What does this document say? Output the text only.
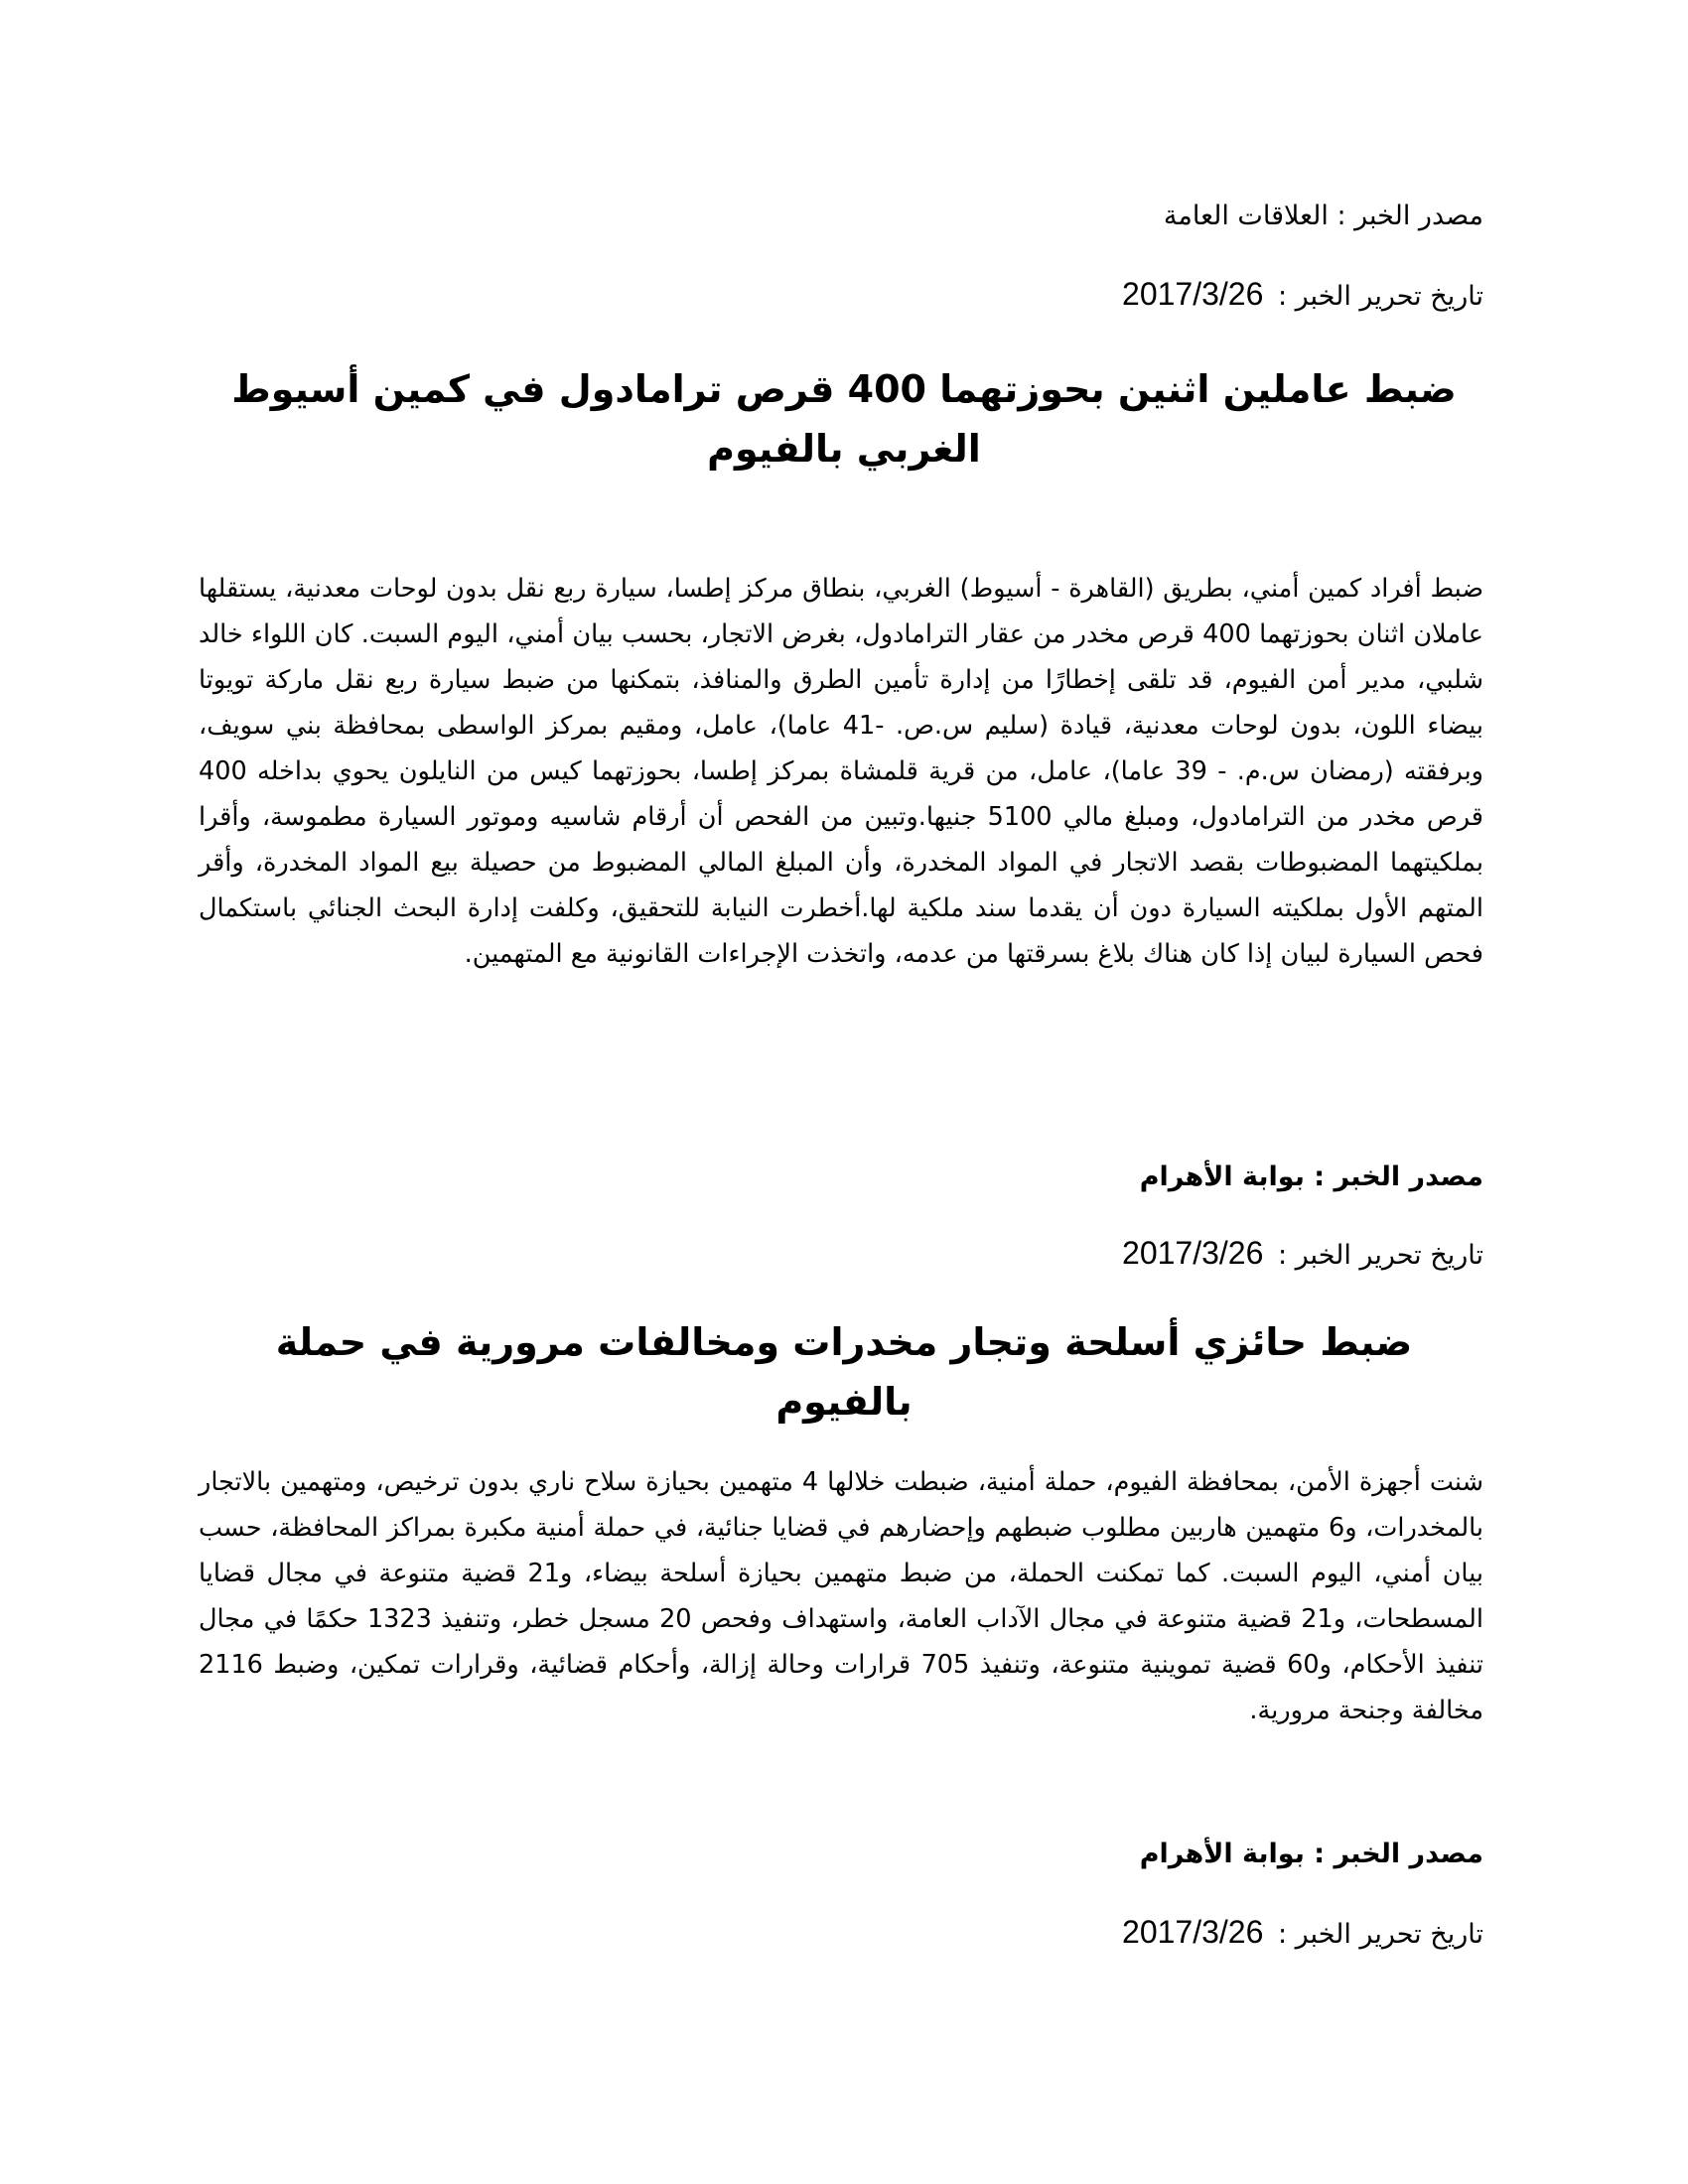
مصدر الخبر : العلاقات العامة

تاريخ تحرير الخبر : 2017/3/26

ضبط عاملين اثنين بحوزتهما 400 قرص ترامادول في كمين أسيوط الغربي بالفيوم

ضبط أفراد كمين أمني، بطريق (القاهرة - أسيوط) الغربي، بنطاق مركز إطسا، سيارة ربع نقل بدون لوحات معدنية، يستقلها عاملان اثنان بحوزتهما 400 قرص مخدر من عقار الترامادول، بغرض الاتجار، بحسب بيان أمني، اليوم السبت. كان اللواء خالد شلبي، مدير أمن الفيوم، قد تلقى إخطارًا من إدارة تأمين الطرق والمنافذ، بتمكنها من ضبط سيارة ربع نقل ماركة تويوتا بيضاء اللون، بدون لوحات معدنية، قيادة (سليم س.ص. -41 عاما)، عامل، ومقيم بمركز الواسطى بمحافظة بني سويف، وبرفقته (رمضان س.م. - 39 عاما)، عامل، من قرية قلمشاة بمركز إطسا، بحوزتهما كيس من النايلون يحوي بداخله 400 قرص مخدر من الترامادول، ومبلغ مالي 5100 جنيها.وتبين من الفحص أن أرقام شاسيه وموتور السيارة مطموسة، وأقرا بملكيتهما المضبوطات بقصد الاتجار في المواد المخدرة، وأن المبلغ المالي المضبوط من حصيلة بيع المواد المخدرة، وأقر المتهم الأول بملكيته السيارة دون أن يقدما سند ملكية لها.أخطرت النيابة للتحقيق، وكلفت إدارة البحث الجنائي باستكمال فحص السيارة لبيان إذا كان هناك بلاغ بسرقتها من عدمه، واتخذت الإجراءات القانونية مع المتهمين.

مصدر الخبر : بوابة الأهرام

تاريخ تحرير الخبر : 2017/3/26

ضبط حائزي أسلحة وتجار مخدرات ومخالفات مرورية في حملة بالفيوم

شنت أجهزة الأمن، بمحافظة الفيوم، حملة أمنية، ضبطت خلالها 4 متهمين بحيازة سلاح ناري بدون ترخيص، ومتهمين بالاتجار بالمخدرات، و6 متهمين هاربين مطلوب ضبطهم وإحضارهم في قضايا جنائية، في حملة أمنية مكبرة بمراكز المحافظة، حسب بيان أمني، اليوم السبت. كما تمكنت الحملة، من ضبط متهمين بحيازة أسلحة بيضاء، و21 قضية متنوعة في مجال قضايا المسطحات، و21 قضية متنوعة في مجال الآداب العامة، واستهداف وفحص 20 مسجل خطر، وتنفيذ 1323 حكمًا في مجال تنفيذ الأحكام، و60 قضية تموينية متنوعة، وتنفيذ 705 قرارات وحالة إزالة، وأحكام قضائية، وقرارات تمكين، وضبط 2116 مخالفة وجنحة مرورية.

مصدر الخبر : بوابة الأهرام

تاريخ تحرير الخبر : 2017/3/26
